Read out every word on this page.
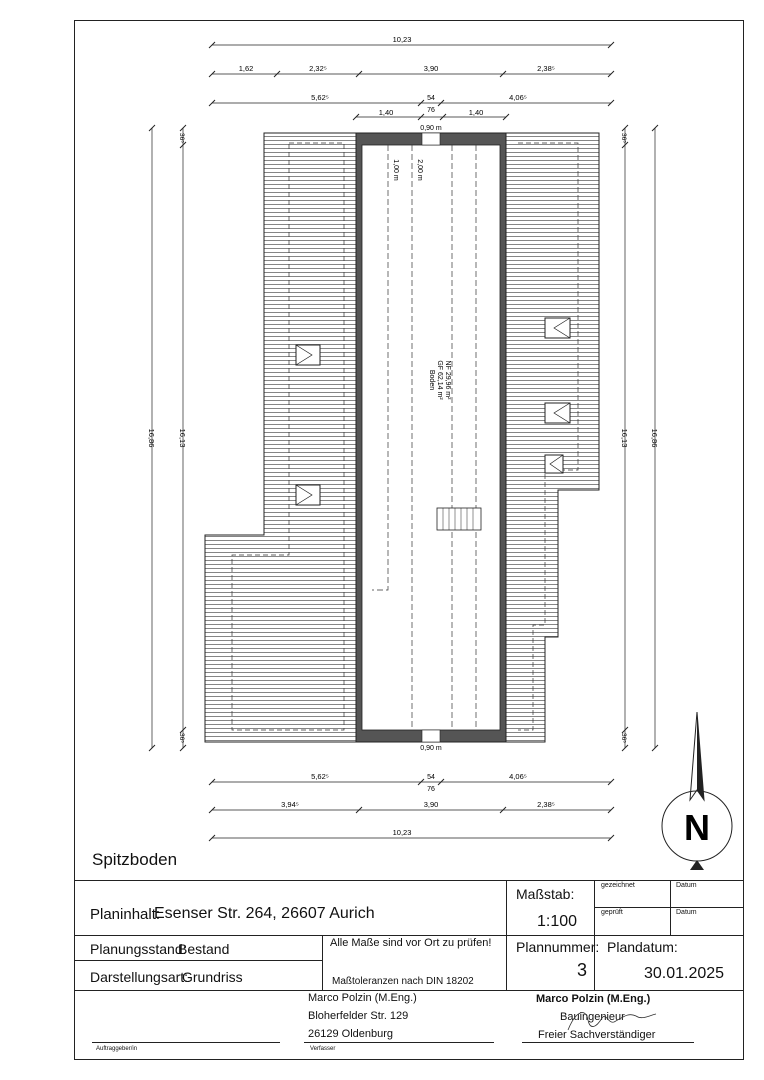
Boden GF 62,14 m² NF 29,96 m²
1,00 m 2,00 m
0,90 m
0,90 m
10,23
1,62	2,32⁵	3,90	2,38⁵
5,62⁵	54
76
4,06⁵
1,40	1,40
5,62⁵	54
76
4,06⁵
3,94⁵	3,90	2,38⁵
10,23
16,86	16,13
36⁵
36⁵
16,13	16,86
36⁵
36⁵
N
Spitzboden
Planinhalt:
Esenser Str. 264, 26607 Aurich
Maßstab:
1:100
gezeichnet	Datum
geprüft	Datum
Planungsstand:
Bestand
Darstellungsart:
Grundriss
Alle Maße sind vor Ort zu prüfen!
Maßtoleranzen nach DIN 18202
Plannummer:
3
Plandatum:
30.01.2025
Marco Polzin (M.Eng.)
Bloherfelder Str. 129
26129 Oldenburg
Auftraggeber/in	Verfasser
Marco Polzin (M.Eng.)
Bauingenieur
Freier Sachverständiger
